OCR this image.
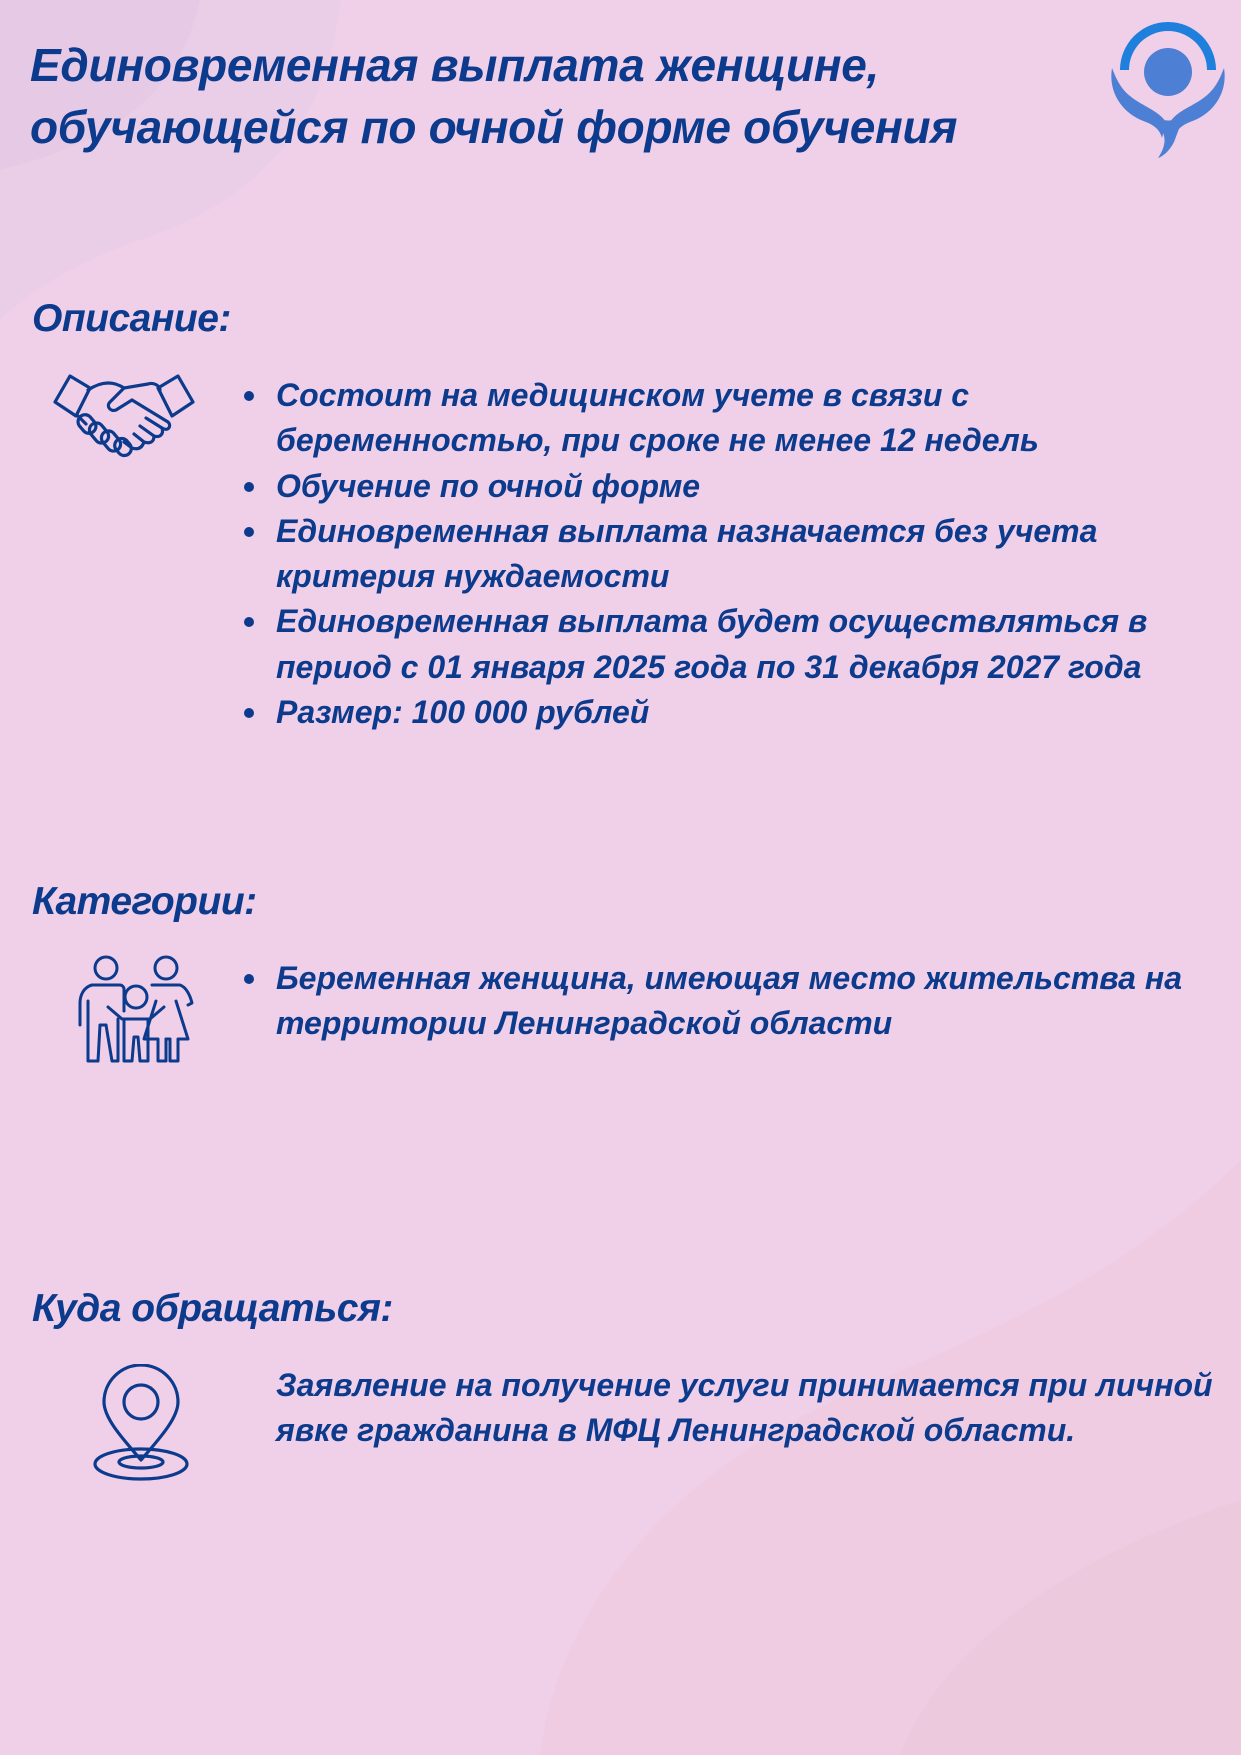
Единовременная выплата женщине,
обучающейся по очной форме обучения
Описание:
Состоит на медицинском учете в связи с беременностью, при сроке не менее 12 недель
Обучение по очной форме
Единовременная выплата назначается без учета критерия нуждаемости
Единовременная выплата будет осуществляться в период с 01 января 2025 года по 31 декабря 2027 года
Размер: 100 000 рублей
Категории:
Беременная женщина, имеющая место жительства на территории Ленинградской области
Куда обращаться:

Заявление на получение услуги принимается при личной явке гражданина в МФЦ Ленинградской области.
